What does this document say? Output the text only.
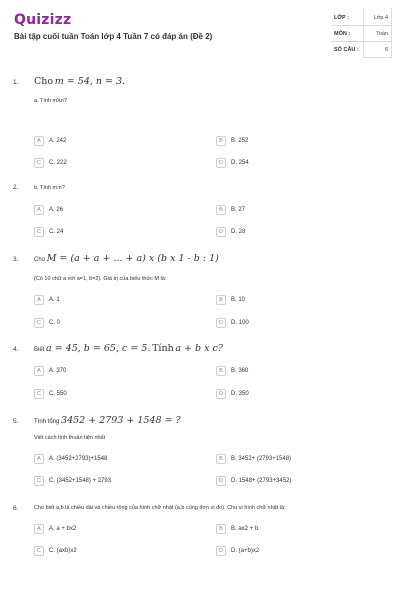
Quizizz
Bài tập cuối tuần Toán lớp 4 Tuần 7 có đáp án (Đề 2)
LỚP :	Lớp 4
MÔN :	Toán
SỐ CÂU :	6
1. Cho m = 54, n = 3.
a. Tính mXn?
A A. 242	B B. 252
C C. 222	D D. 254
2.	b. Tính m:n?
A A. 26	B B. 27
C C. 24	D D. 28
3.	Cho M = (a + a + ... + a) x (b x 1 - b : 1)
(Có 10 chữ a với a=1, b=2). Giá trị của biểu thức M là:
A A. 1	B B. 10
C C. 0	D D. 100
4.	Biết a = 45, b = 65, c = 5. Tính a + b x c?
A A. 370	B B. 360
C C. 550	D D. 350
5.	Tính tổng 3452 + 2793 + 1548 = ?
Viết cách tính thuận tiện nhất
A A. (3452+2793)+1548	B B. 3452+ (2793+1548)
C C. (3452+1548) + 2793	D D. 1548+ (2793+3452)
6.	Cho biết a,b là chiều dài và chiều rộng của hình chữ nhật (a,b cùng đơn vị đo). Chu vi hình chữ nhật là:
A A. a + bx2	B B. ax2 + b
C C. (axb)x2	D D. (a+b)x2
